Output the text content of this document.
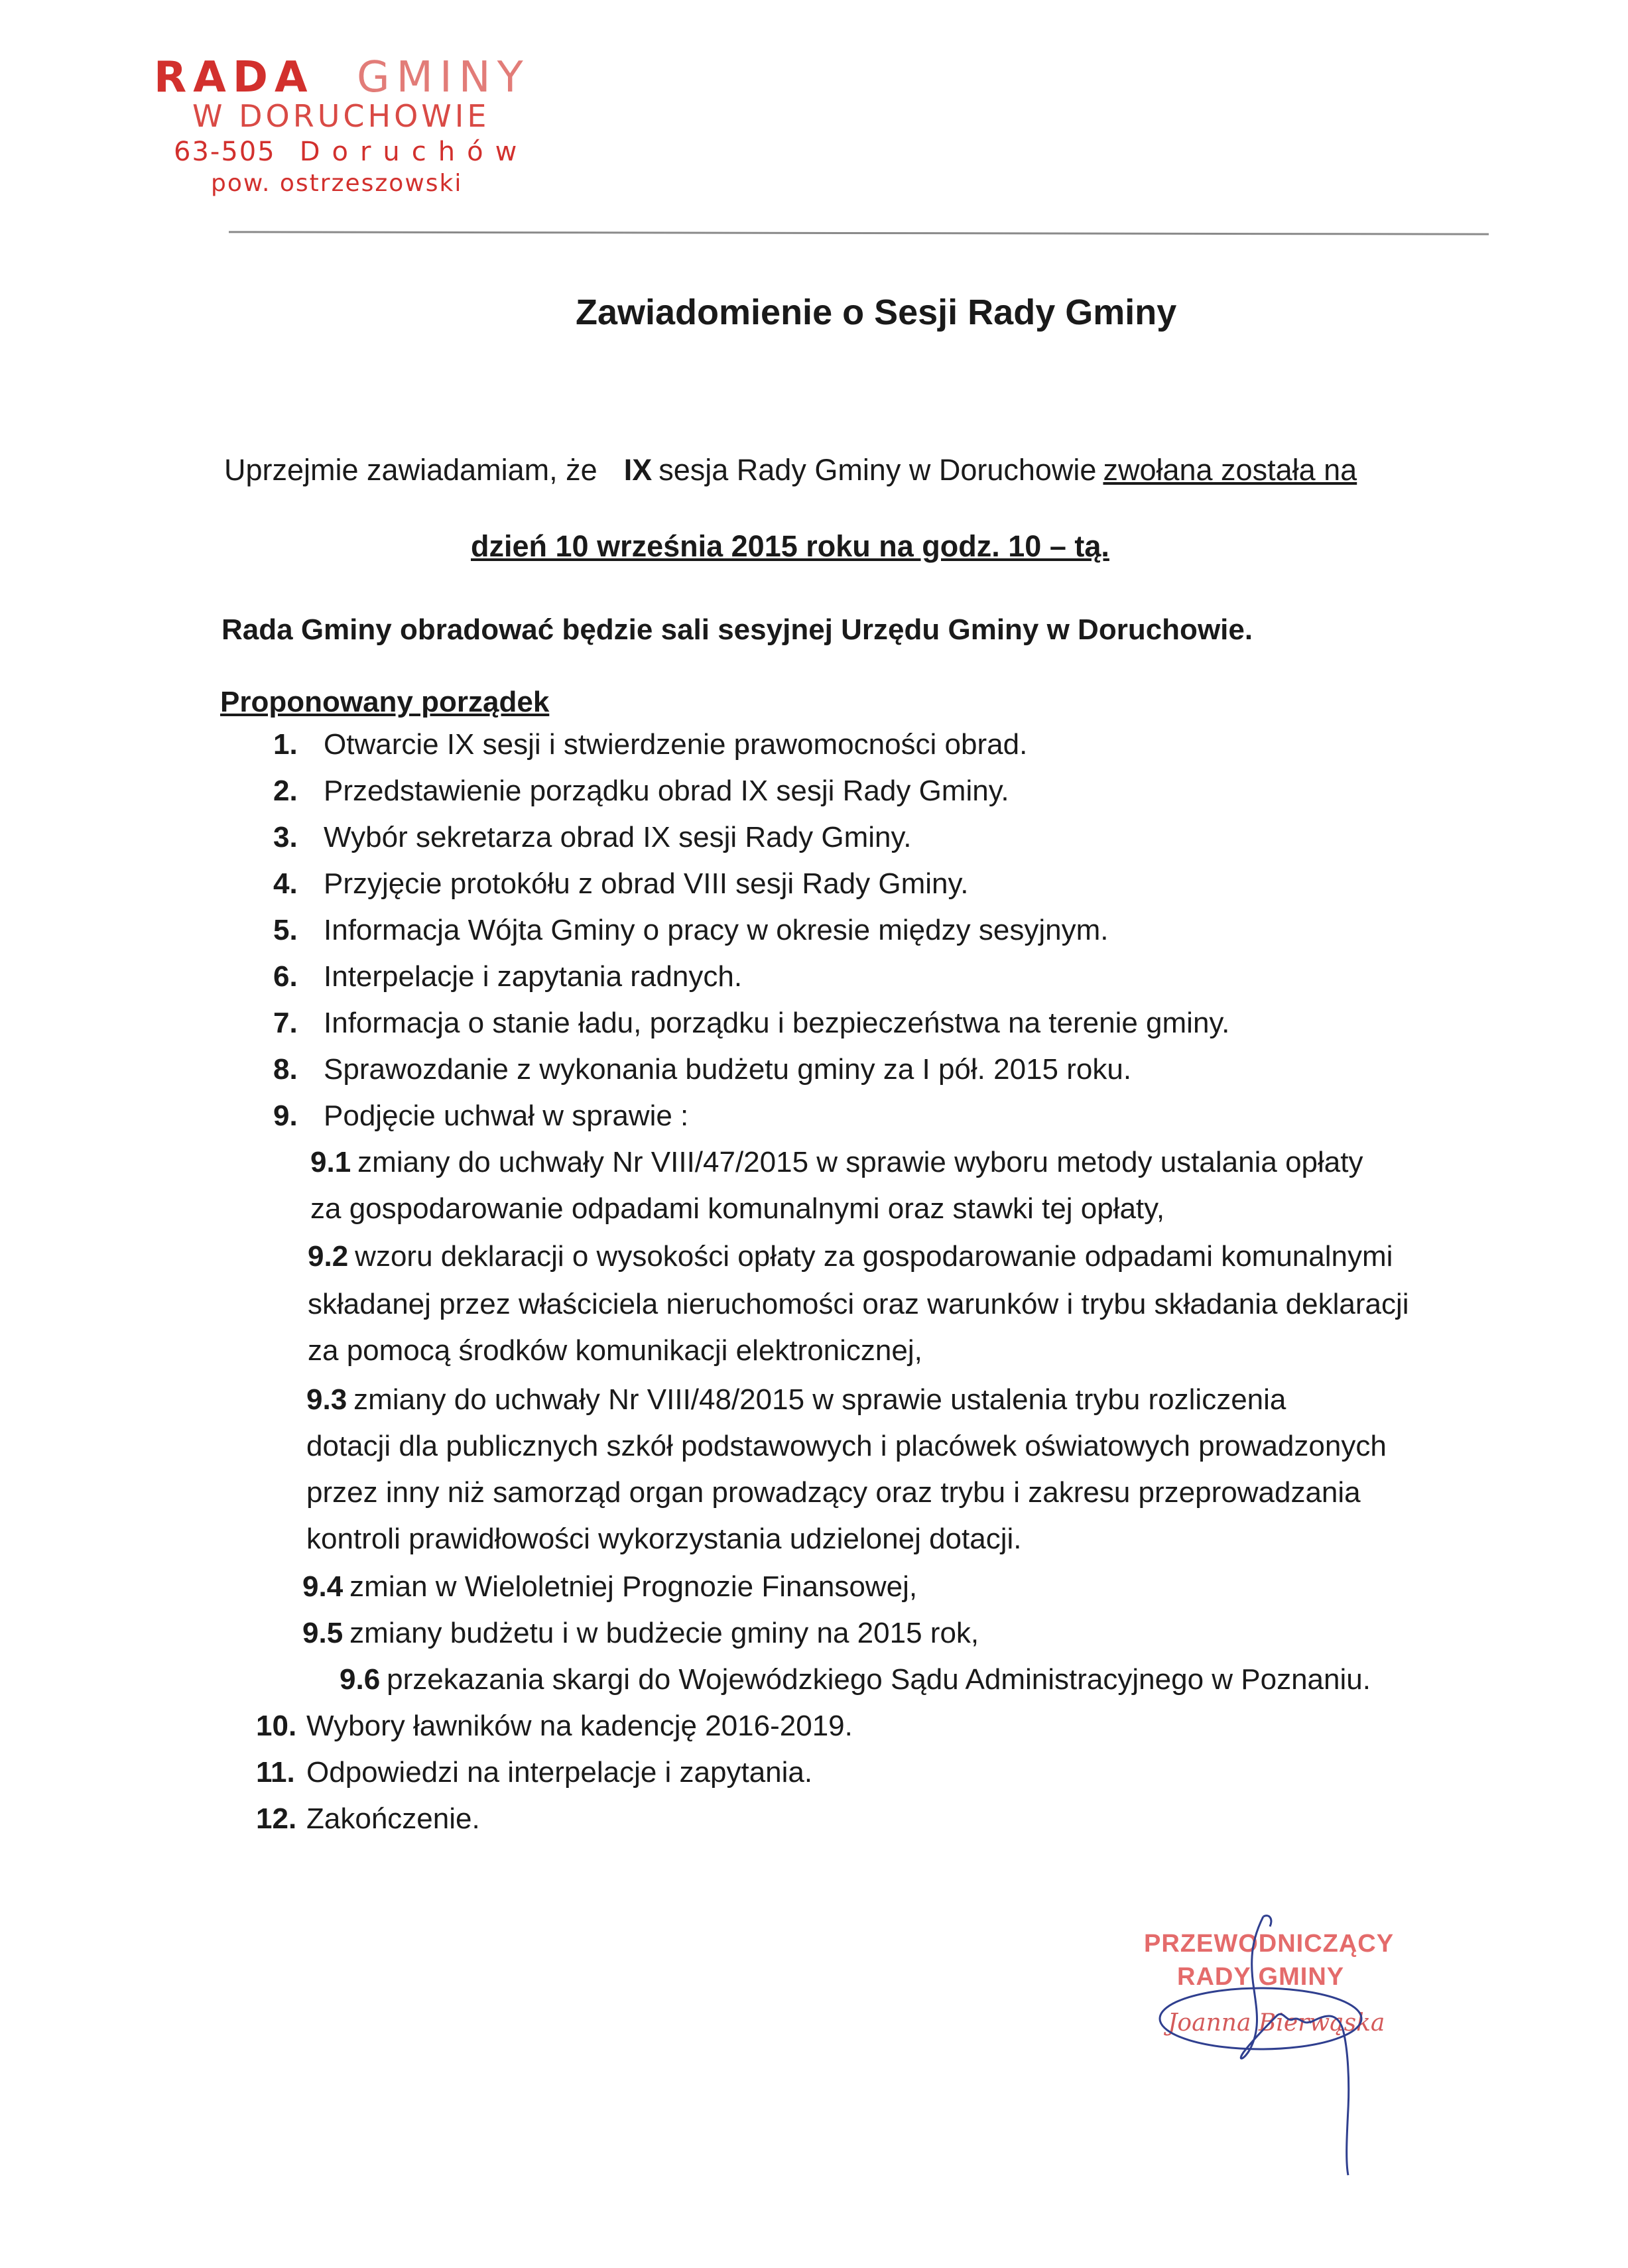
RADA GMINY
W DORUCHOWIE
63-505 Doruchów
pow. ostrzeszowski
Zawiadomienie o Sesji Rady Gminy
Uprzejmie zawiadamiam, że IX sesja Rady Gminy w Doruchowie zwołana została na
dzień 10 września 2015 roku na godz. 10 – tą.
Rada Gminy obradować będzie sali sesyjnej Urzędu Gminy w Doruchowie.
Proponowany porządek
1. Otwarcie IX sesji i stwierdzenie prawomocności obrad.
2. Przedstawienie porządku obrad IX sesji Rady Gminy.
3. Wybór sekretarza obrad IX sesji Rady Gminy.
4. Przyjęcie protokółu z obrad VIII sesji Rady Gminy.
5. Informacja Wójta Gminy o pracy w okresie między sesyjnym.
6. Interpelacje i zapytania radnych.
7. Informacja o stanie ładu, porządku i bezpieczeństwa na terenie gminy.
8. Sprawozdanie z wykonania budżetu gminy za I pół. 2015 roku.
9. Podjęcie uchwał w sprawie :
9.1 zmiany do uchwały Nr VIII/47/2015 w sprawie wyboru metody ustalania opłaty
za gospodarowanie odpadami komunalnymi oraz stawki tej opłaty,
9.2 wzoru deklaracji o wysokości opłaty za gospodarowanie odpadami komunalnymi
składanej przez właściciela nieruchomości oraz warunków i trybu składania deklaracji
za pomocą środków komunikacji elektronicznej,
9.3 zmiany do uchwały Nr VIII/48/2015 w sprawie ustalenia trybu rozliczenia
dotacji dla publicznych szkół podstawowych i placówek oświatowych prowadzonych
przez inny niż samorząd organ prowadzący oraz trybu i zakresu przeprowadzania
kontroli prawidłowości wykorzystania udzielonej dotacji.
9.4 zmian w Wieloletniej Prognozie Finansowej,
9.5 zmiany budżetu i w budżecie gminy na 2015 rok,
9.6 przekazania skargi do Wojewódzkiego Sądu Administracyjnego w Poznaniu.
10. Wybory ławników na kadencję 2016-2019.
11. Odpowiedzi na interpelacje i zapytania.
12. Zakończenie.
PRZEWODNICZĄCY
RADY GMINY
Joanna Bierwąska
